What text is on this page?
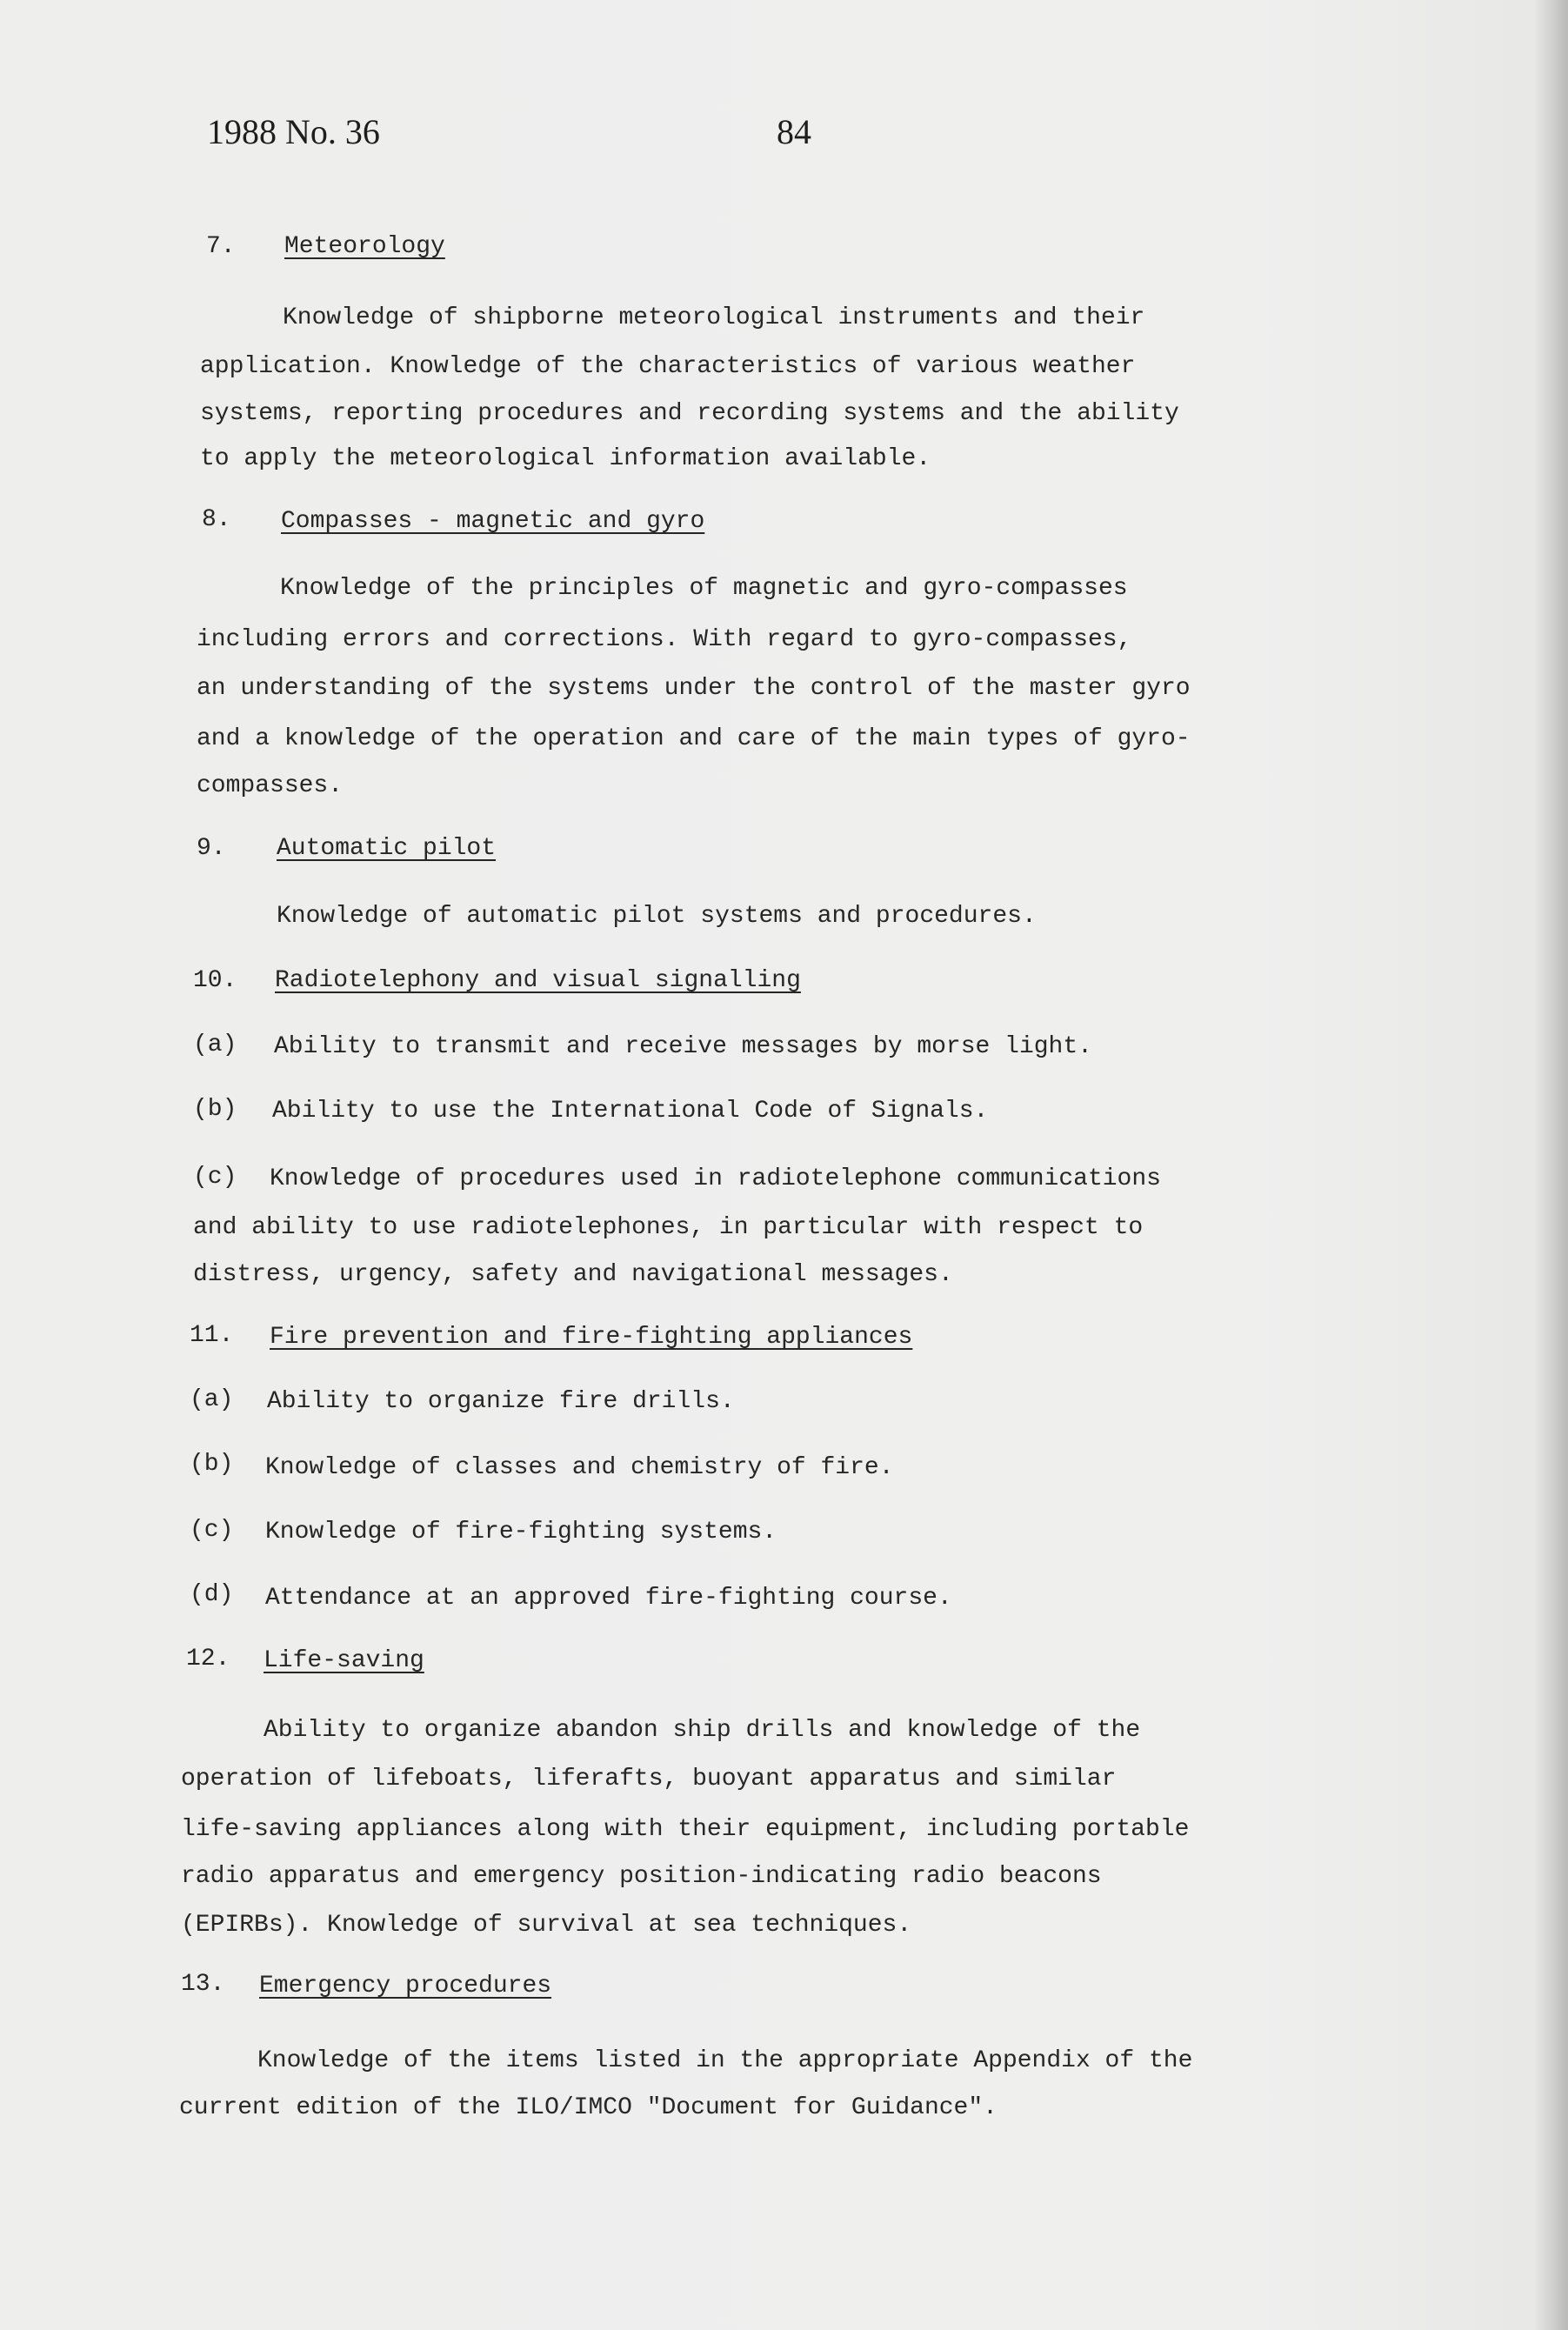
1988 No. 36	84
7. Meteorology
Knowledge of shipborne meteorological instruments and their
application. Knowledge of the characteristics of various weather
systems, reporting procedures and recording systems and the ability
to apply the meteorological information available.
8. Compasses - magnetic and gyro
Knowledge of the principles of magnetic and gyro-compasses
including errors and corrections. With regard to gyro-compasses,
an understanding of the systems under the control of the master gyro
and a knowledge of the operation and care of the main types of gyro-
compasses.
9. Automatic pilot
Knowledge of automatic pilot systems and procedures.
10. Radiotelephony and visual signalling
(a) Ability to transmit and receive messages by morse light.
(b) Ability to use the International Code of Signals.
(c) Knowledge of procedures used in radiotelephone communications
and ability to use radiotelephones, in particular with respect to
distress, urgency, safety and navigational messages.
11. Fire prevention and fire-fighting appliances
(a) Ability to organize fire drills.
(b) Knowledge of classes and chemistry of fire.
(c) Knowledge of fire-fighting systems.
(d) Attendance at an approved fire-fighting course.
12. Life-saving
Ability to organize abandon ship drills and knowledge of the
operation of lifeboats, liferafts, buoyant apparatus and similar
life-saving appliances along with their equipment, including portable
radio apparatus and emergency position-indicating radio beacons
(EPIRBs). Knowledge of survival at sea techniques.
13. Emergency procedures
Knowledge of the items listed in the appropriate Appendix of the
current edition of the ILO/IMCO "Document for Guidance".
